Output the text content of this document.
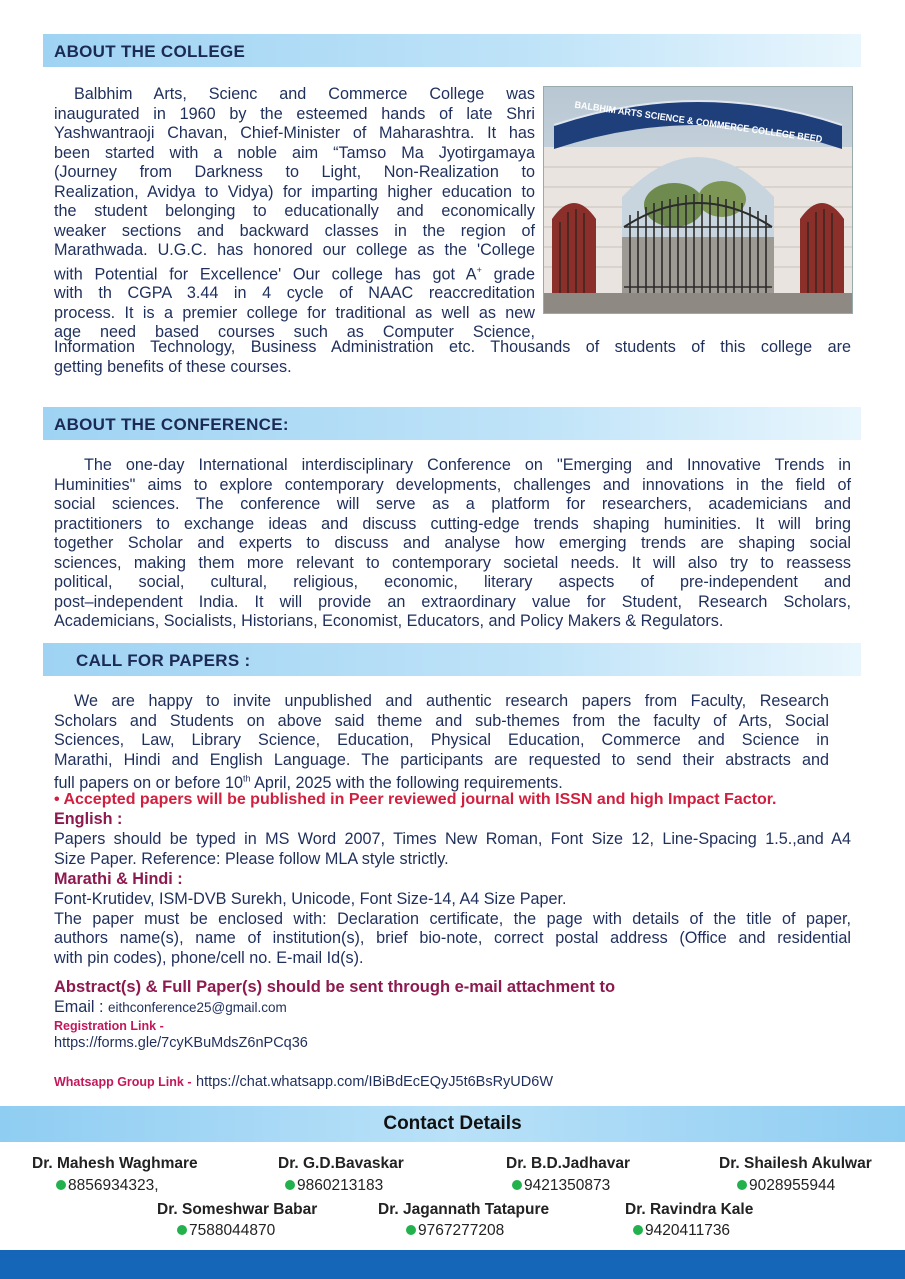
ABOUT THE COLLEGE
Balbhim Arts, Scienc and Commerce College was
inaugurated in 1960 by the esteemed hands of late Shri
Yashwantraoji Chavan, Chief-Minister of Maharashtra. It has
been started with a noble aim “Tamso Ma Jyotirgamaya
(Journey from Darkness to Light, Non-Realization to
Realization, Avidya to Vidya) for imparting higher education to
the student belonging to educationally and economically
weaker sections and backward classes in the region of
Marathwada. U.G.C. has honored our college as the 'College
with Potential for Excellence' Our college has got A+ grade
with th CGPA 3.44 in 4 cycle of NAAC reaccreditation
process. It is a premier college for traditional as well as new
age need based courses such as Computer Science,
Information Technology, Business Administration etc. Thousands of students of this college are
getting benefits of these courses.
BALBHIM ARTS SCIENCE & COMMERCE COLLEGE BEED
ABOUT THE CONFERENCE:
The one-day International interdisciplinary Conference on "Emerging and Innovative Trends in
Huminities" aims to explore contemporary developments, challenges and innovations in the field of
social sciences. The conference will serve as a platform for researchers, academicians and
practitioners to exchange ideas and discuss cutting-edge trends shaping huminities. It will bring
together Scholar and experts to discuss and analyse how emerging trends are shaping social
sciences, making them more relevant to contemporary societal needs. It will also try to reassess
political, social, cultural, religious, economic, literary aspects of pre-independent and
post–independent India. It will provide an extraordinary value for Student, Research Scholars,
Academicians, Socialists, Historians, Economist, Educators, and Policy Makers & Regulators.
CALL FOR PAPERS :
We are happy to invite unpublished and authentic research papers from Faculty, Research
Scholars and Students on above said theme and sub-themes from the faculty of Arts, Social
Sciences, Law, Library Science, Education, Physical Education, Commerce and Science in
Marathi, Hindi and English Language. The participants are requested to send their abstracts and
full papers on or before 10th April, 2025 with the following requirements.
• Accepted papers will be published in Peer reviewed journal with ISSN and high Impact Factor.
English :
Papers should be typed in MS Word 2007, Times New Roman, Font Size 12, Line-Spacing 1.5.,and A4
Size Paper. Reference: Please follow MLA style strictly.
Marathi & Hindi :
Font-Krutidev, ISM-DVB Surekh, Unicode, Font Size-14, A4 Size Paper.

The paper must be enclosed with: Declaration certificate, the page with details of the title of paper,
authors name(s), name of institution(s), brief bio-note, correct postal address (Office and residential
with pin codes), phone/cell no. E-mail Id(s).
Abstract(s) & Full Paper(s) should be sent through e-mail attachment to
Email : eithconference25@gmail.com
Registration Link -
https://forms.gle/7cyKBuMdsZ6nPCq36
Whatsapp Group Link - https://chat.whatsapp.com/IBiBdEcEQyJ5t6BsRyUD6W
Contact Details
Dr. Mahesh Waghmare
8856934323,
Dr. G.D.Bavaskar
9860213183
Dr. B.D.Jadhavar
9421350873
Dr. Shailesh Akulwar
9028955944
Dr. Someshwar Babar
7588044870
Dr. Jagannath Tatapure
9767277208
Dr. Ravindra Kale
9420411736
